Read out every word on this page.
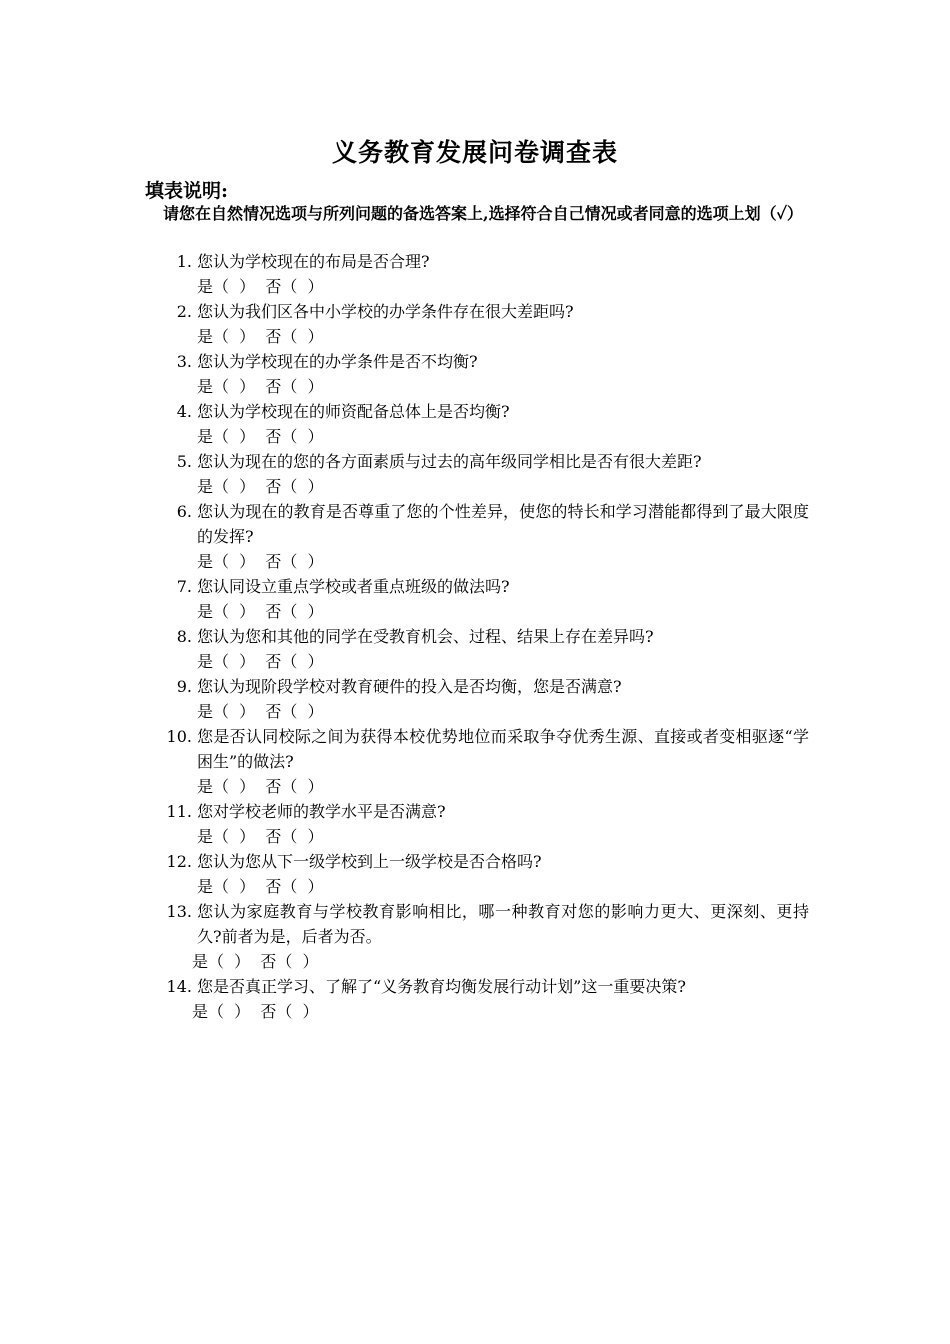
义务教育发展问卷调查表
填表说明:
请您在自然情况选项与所列问题的备选答案上,选择符合自己情况或者同意的选项上划（✓）
1. 您认为学校现在的布局是否合理?
是（  ）  否（  ）
2. 您认为我们区各中小学校的办学条件存在很大差距吗?
是（  ）  否（  ）
3. 您认为学校现在的办学条件是否不均衡?
是（  ）  否（  ）
4. 您认为学校现在的师资配备总体上是否均衡?
是（  ）  否（  ）
5. 您认为现在的您的各方面素质与过去的高年级同学相比是否有很大差距?
是（  ）  否（  ）
6. 您认为现在的教育是否尊重了您的个性差异，使您的特长和学习潜能都得到了最大限度的发挥?
是（  ）  否（  ）
7. 您认同设立重点学校或者重点班级的做法吗?
是（  ）  否（  ）
8. 您认为您和其他的同学在受教育机会、过程、结果上存在差异吗?
是（  ）  否（  ）
9. 您认为现阶段学校对教育硬件的投入是否均衡，您是否满意?
是（  ）  否（  ）
10. 您是否认同校际之间为获得本校优势地位而采取争夺优秀生源、直接或者变相驱逐“学困生”的做法?
是（  ）  否（  ）
11. 您对学校老师的教学水平是否满意?
是（  ）  否（  ）
12. 您认为您从下一级学校到上一级学校是否合格吗?
是（  ）  否（  ）
13. 您认为家庭教育与学校教育影响相比，哪一种教育对您的影响力更大、更深刻、更持久?前者为是，后者为否。
是（  ）  否（  ）
14. 您是否真正学习、了解了“义务教育均衡发展行动计划”这一重要决策?
是（  ）  否（  ）
